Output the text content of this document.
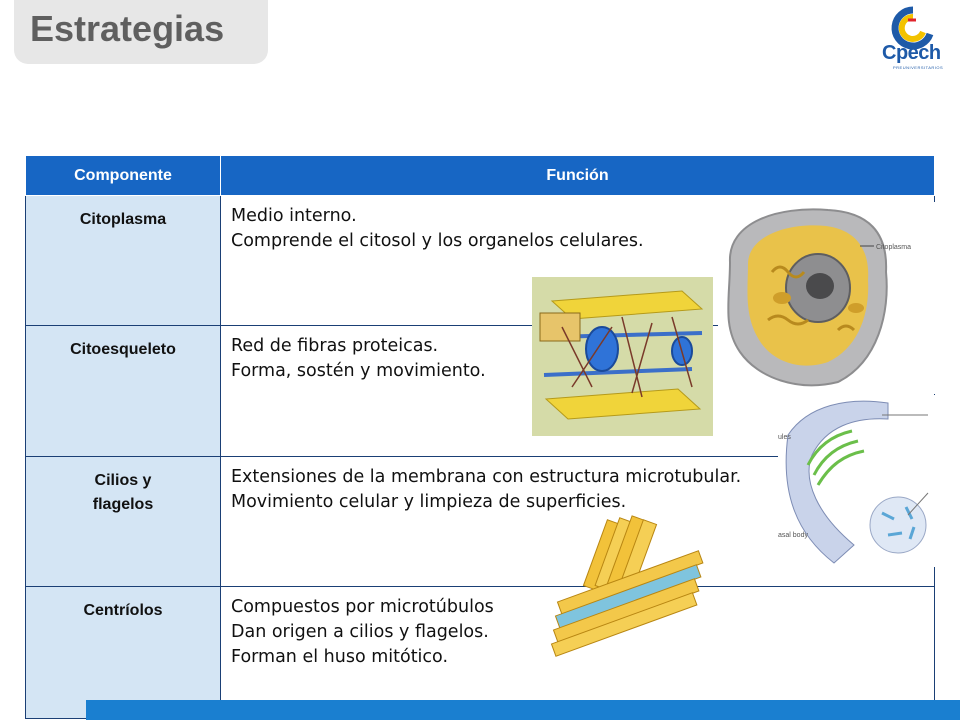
Estrategias
Cpech
PREUNIVERSITARIOS
Componente	Función

Citoplasma	Medio interno.
Comprende el citosol y los organelos celulares.

Citoesqueleto	Red de fibras proteicas.
Forma, sostén y movimiento.

Cilios y
flagelos	Extensiones de la membrana con estructura microtubular.
Movimiento celular y limpieza de superficies.

Centríolos	Compuestos por microtúbulos
Dan origen a cilios y flagelos.
Forman el huso mitótico.
Citoplasma
ules
asal body
